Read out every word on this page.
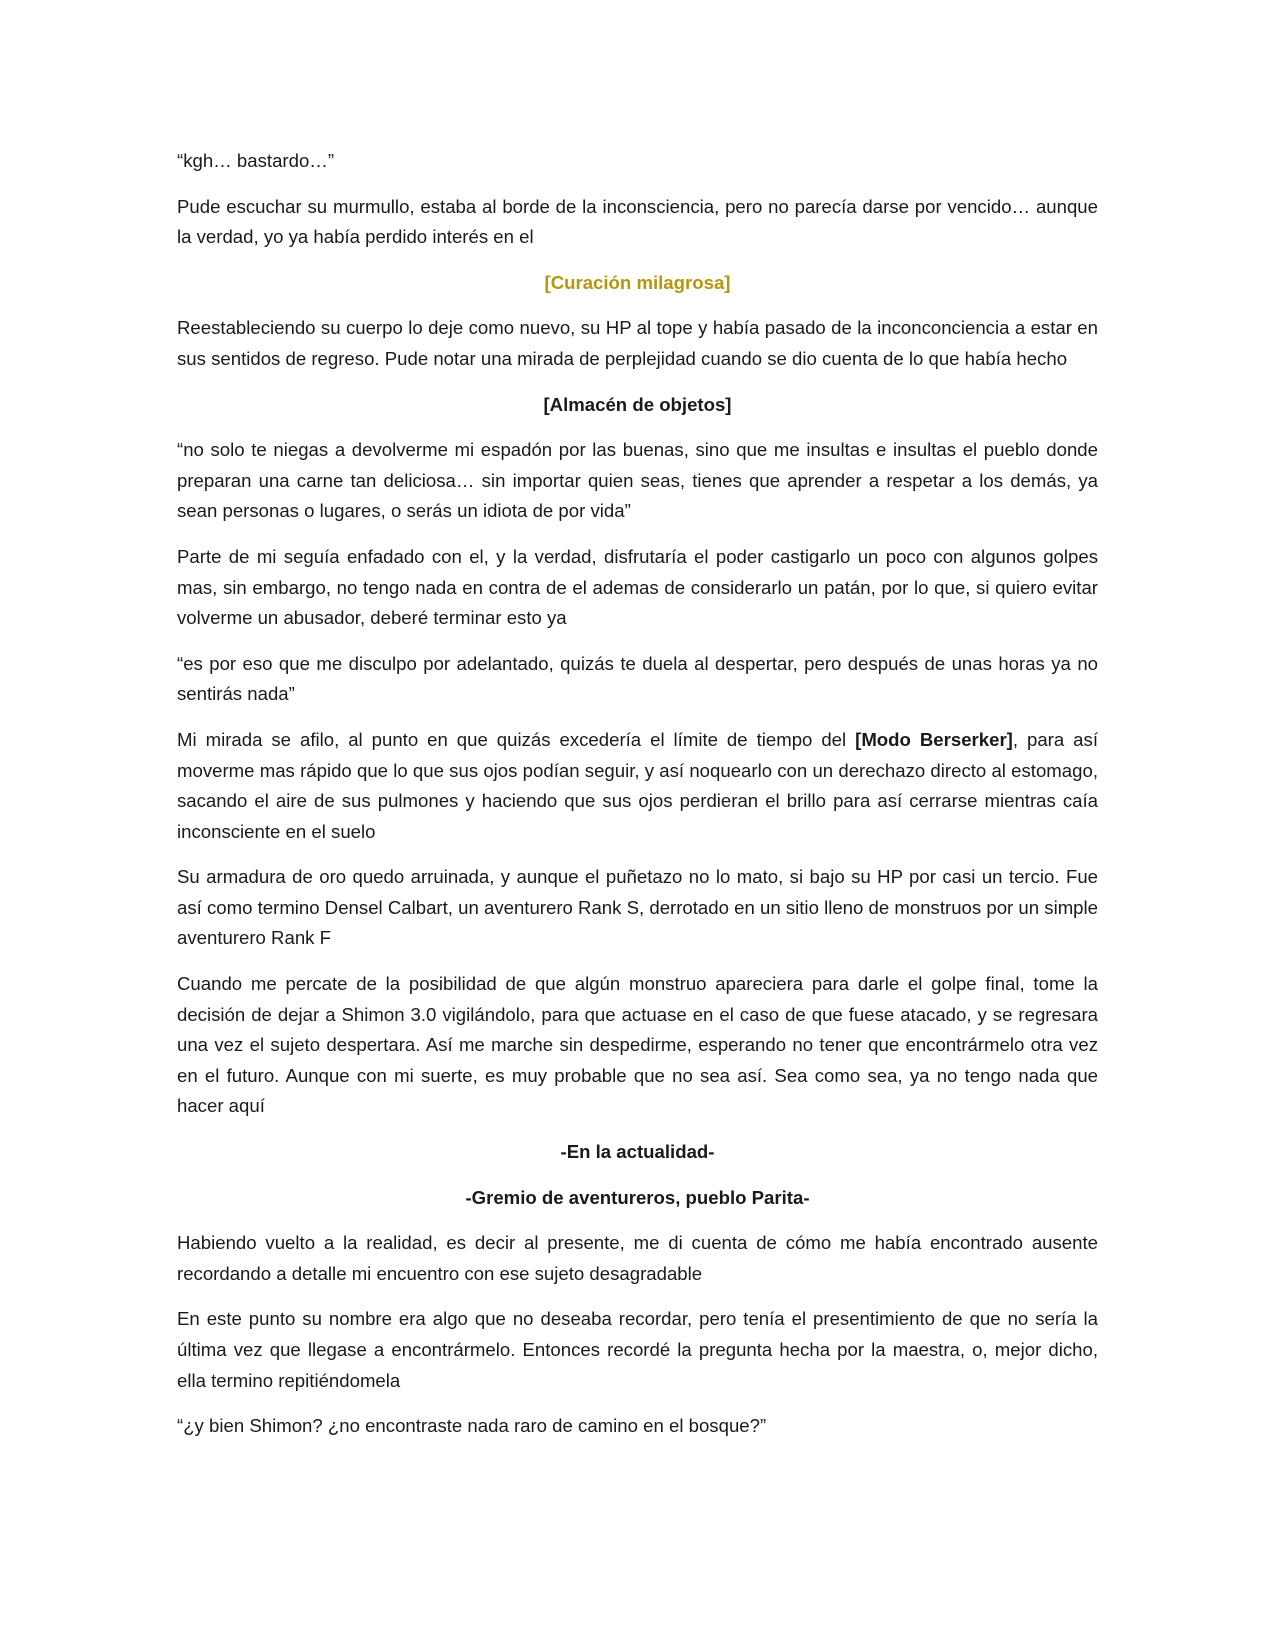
“kgh… bastardo…”

Pude escuchar su murmullo, estaba al borde de la inconsciencia, pero no parecía darse por vencido… aunque la verdad, yo ya había perdido interés en el

[Curación milagrosa]

Reestableciendo su cuerpo lo deje como nuevo, su HP al tope y había pasado de la inconconciencia a estar en sus sentidos de regreso. Pude notar una mirada de perplejidad cuando se dio cuenta de lo que había hecho

[Almacén de objetos]

“no solo te niegas a devolverme mi espadón por las buenas, sino que me insultas e insultas el pueblo donde preparan una carne tan deliciosa… sin importar quien seas, tienes que aprender a respetar a los demás, ya sean personas o lugares, o serás un idiota de por vida”

Parte de mi seguía enfadado con el, y la verdad, disfrutaría el poder castigarlo un poco con algunos golpes mas, sin embargo, no tengo nada en contra de el ademas de considerarlo un patán, por lo que, si quiero evitar volverme un abusador, deberé terminar esto ya

“es por eso que me disculpo por adelantado, quizás te duela al despertar, pero después de unas horas ya no sentirás nada”

Mi mirada se afilo, al punto en que quizás excedería el límite de tiempo del [Modo Berserker], para así moverme mas rápido que lo que sus ojos podían seguir, y así noquearlo con un derechazo directo al estomago, sacando el aire de sus pulmones y haciendo que sus ojos perdieran el brillo para así cerrarse mientras caía inconsciente en el suelo

Su armadura de oro quedo arruinada, y aunque el puñetazo no lo mato, si bajo su HP por casi un tercio. Fue así como termino Densel Calbart, un aventurero Rank S, derrotado en un sitio lleno de monstruos por un simple aventurero Rank F

Cuando me percate de la posibilidad de que algún monstruo apareciera para darle el golpe final, tome la decisión de dejar a Shimon 3.0 vigilándolo, para que actuase en el caso de que fuese atacado, y se regresara una vez el sujeto despertara. Así me marche sin despedirme, esperando no tener que encontrármelo otra vez en el futuro. Aunque con mi suerte, es muy probable que no sea así. Sea como sea, ya no tengo nada que hacer aquí

-En la actualidad-

-Gremio de aventureros, pueblo Parita-

Habiendo vuelto a la realidad, es decir al presente, me di cuenta de cómo me había encontrado ausente recordando a detalle mi encuentro con ese sujeto desagradable

En este punto su nombre era algo que no deseaba recordar, pero tenía el presentimiento de que no sería la última vez que llegase a encontrármelo. Entonces recordé la pregunta hecha por la maestra, o, mejor dicho, ella termino repitiéndomela

“¿y bien Shimon? ¿no encontraste nada raro de camino en el bosque?”
